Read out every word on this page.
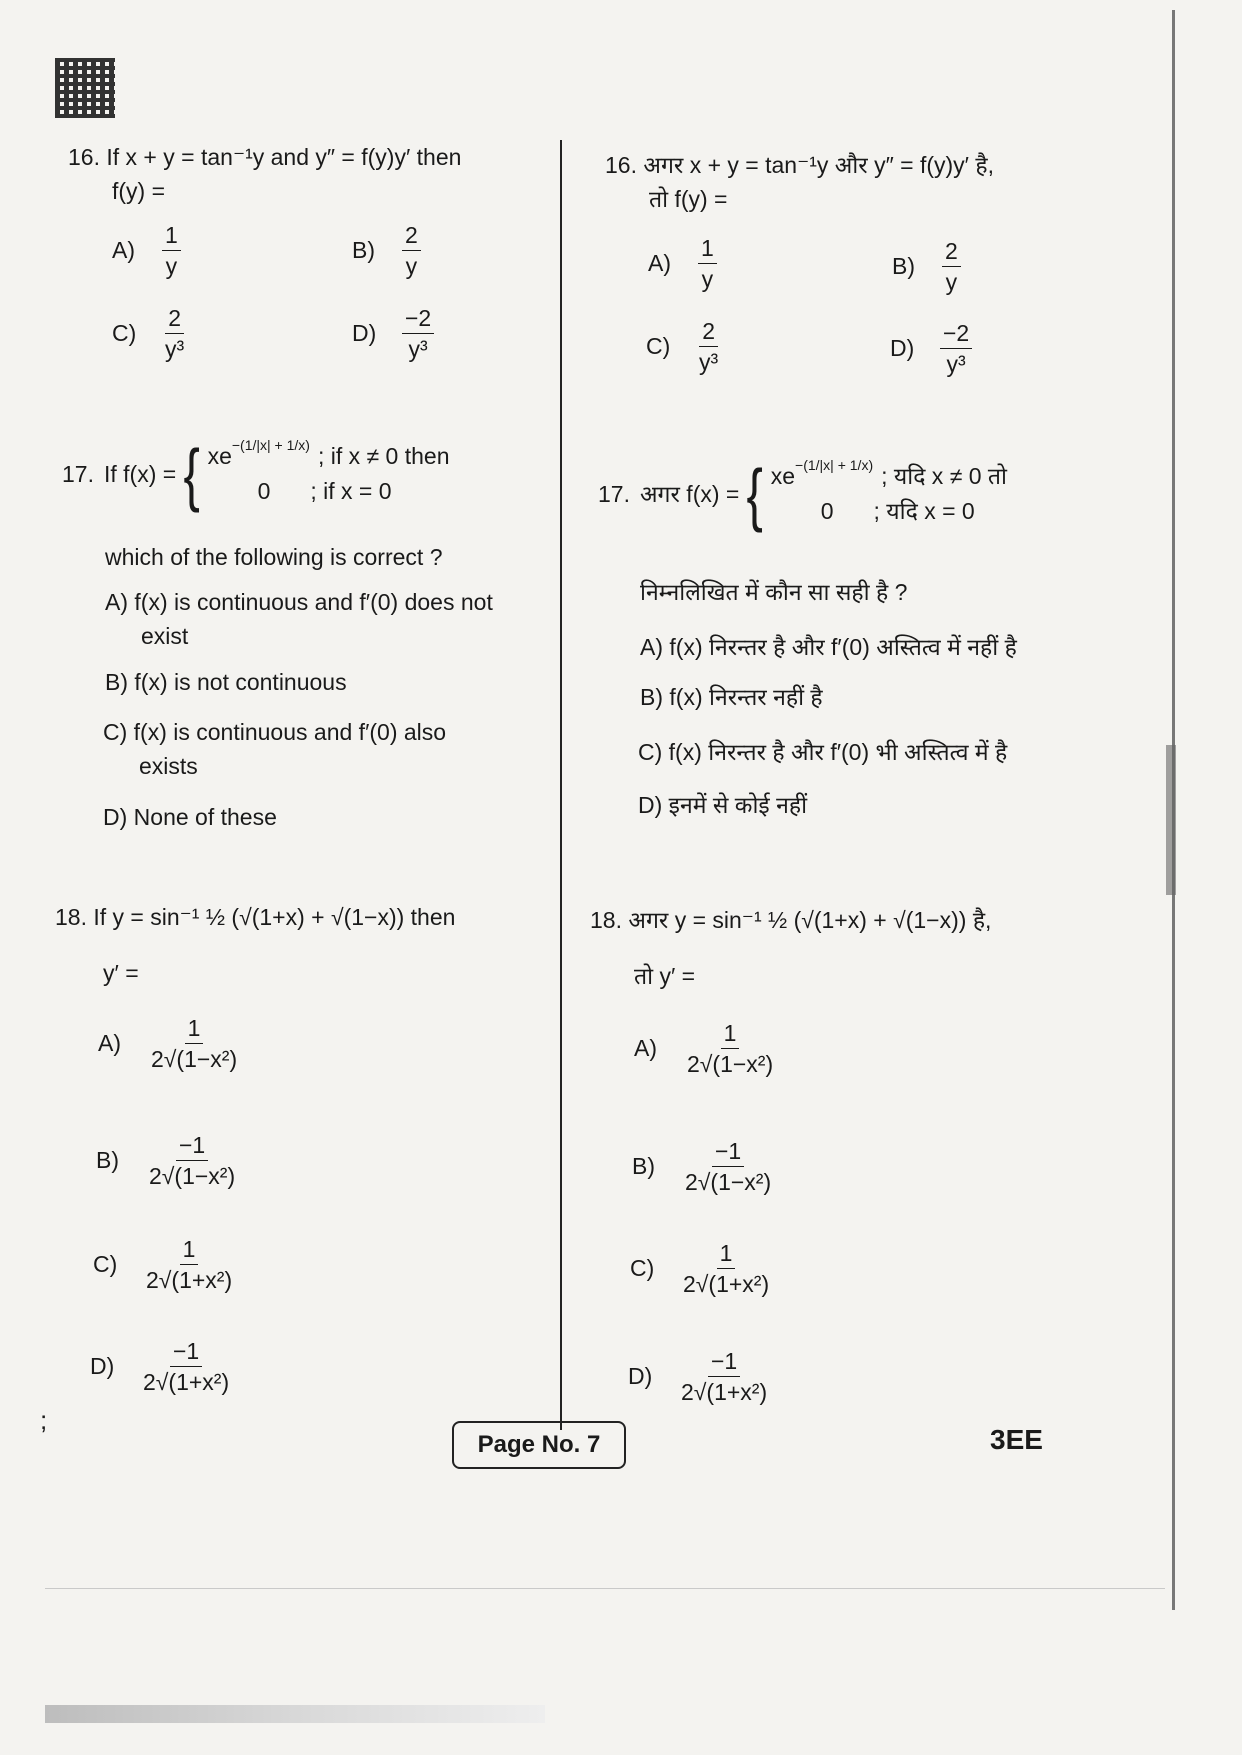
16. If x + y = tan⁻¹y and y″ = f(y)y′ then
f(y) =
A)	$\frac{1}{y}$	B)	$\frac{2}{y}$
C)	$\frac{2}{\text{y³}}$	D)	$\frac{-2}{\text{y³}}$
17. If f(x) = { $xe^{-(1/|x| + 1/x)}$ ; if x ≠ 0 then
0 ; if x = 0
which of the following is correct ?
A) f(x) is continuous and f′(0) does not
exist
B) f(x) is not continuous
C) f(x) is continuous and f′(0) also
exists
D) None of these
18. If y = sin⁻¹ ½ (√(1+x) + √(1−x)) then
y′ =
A)	$\frac{1}{\text{2√(1−x²)}}$
B)	$\frac{-1}{\text{2√(1−x²)}}$
C)	$\frac{1}{\text{2√(1+x²)}}$
D)	$\frac{-1}{\text{2√(1+x²)}}$
16. अगर x + y = tan⁻¹y और y″ = f(y)y′ है,
तो f(y) =
A)	$\frac{1}{y}$	B)	$\frac{2}{y}$
C)	$\frac{2}{\text{y³}}$	D)	$\frac{-2}{\text{y³}}$
17. अगर f(x) = { $xe^{-(1/|x| + 1/x)}$ ; यदि x ≠ 0 तो
0 ; यदि x = 0
निम्नलिखित में कौन सा सही है ?
A) f(x) निरन्तर है और f′(0) अस्तित्व में नहीं है
B) f(x) निरन्तर नहीं है
C) f(x) निरन्तर है और f′(0) भी अस्तित्व में है
D) इनमें से कोई नहीं
18. अगर y = sin⁻¹ ½ (√(1+x) + √(1−x)) है,
तो y′ =
A)	$\frac{1}{\text{2√(1−x²)}}$
B)	$\frac{-1}{\text{2√(1−x²)}}$
C)	$\frac{1}{\text{2√(1+x²)}}$
D)	$\frac{-1}{\text{2√(1+x²)}}$
;
Page No. 7	3EE
